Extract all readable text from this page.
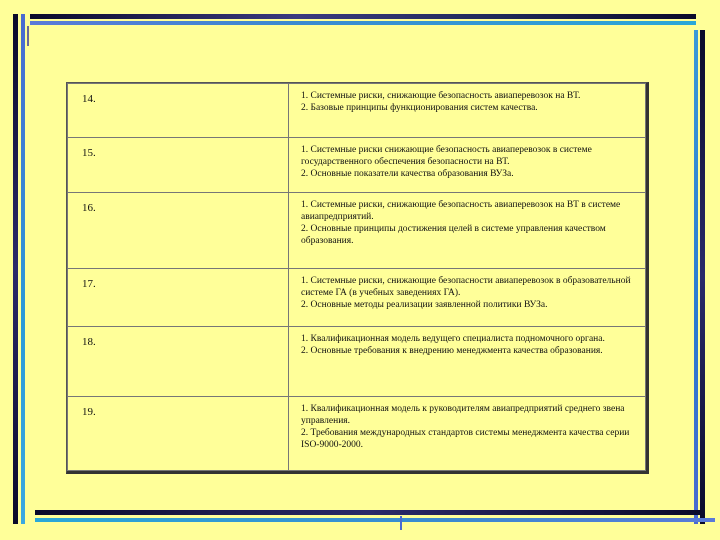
14.	1. Системные риски, снижающие безопасность авиаперевозок на ВТ.
2. Базовые принципы функционирования систем качества.

15.	1. Системные риски снижающие безопасность авиаперевозок в системе государственного обеспечения безопасности на ВТ.
2. Основные показатели качества образования ВУЗа.

16.	1. Системные риски, снижающие безопасность авиаперевозок на ВТ в системе авиапредприятий.
2. Основные принципы достижения целей в системе управления качеством образования.

17.	1. Системные риски, снижающие безопасности авиаперевозок в образовательной системе ГА (в учебных заведениях ГА).
2. Основные методы реализации заявленной политики ВУЗа.

18.	1. Квалификационная модель ведущего специалиста подномочного органа.
2. Основные требования к внедрению менеджмента качества образования.

19.	1. Квалификационная модель к руководителям авиапредприятий среднего звена управления.
2. Требования международных стандартов системы менеджмента качества серии ISO-9000-2000.
